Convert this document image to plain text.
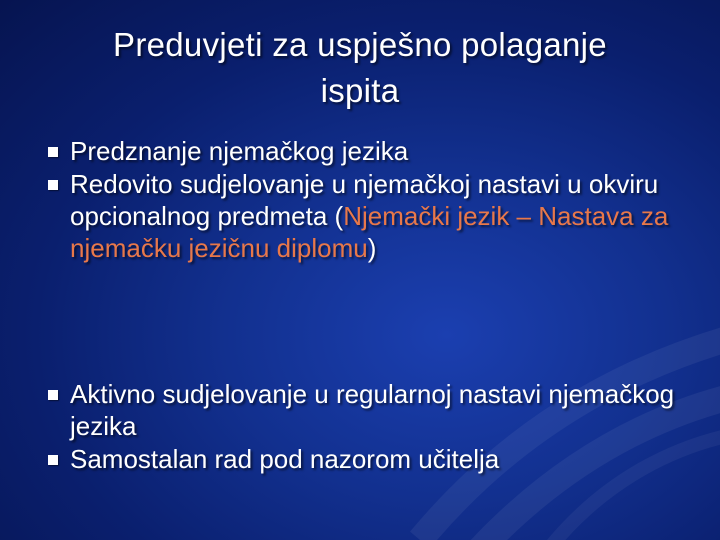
Preduvjeti za uspješno polaganje
ispita
Predznanje njemačkog jezika
Redovito sudjelovanje u njemačkoj nastavi u okviru opcionalnog predmeta (Njemački jezik – Nastava za njemačku jezičnu diplomu)
Aktivno sudjelovanje u regularnoj nastavi njemačkog jezika
Samostalan rad pod nazorom učitelja
